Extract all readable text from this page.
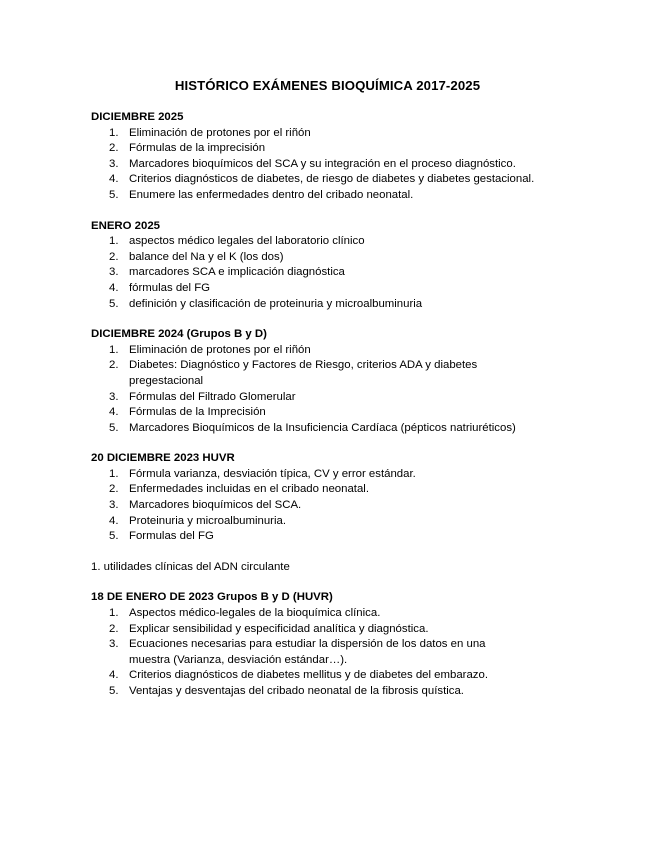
HISTÓRICO EXÁMENES BIOQUÍMICA 2017-2025

DICIEMBRE 2025

1. Eliminación de protones por el riñón
2. Fórmulas de la imprecisión
3. Marcadores bioquímicos del SCA y su integración en el proceso diagnóstico.
4. Criterios diagnósticos de diabetes, de riesgo de diabetes y diabetes gestacional.
5. Enumere las enfermedades dentro del cribado neonatal.

ENERO 2025

1. aspectos médico legales del laboratorio clínico
2. balance del Na y el K (los dos)
3. marcadores SCA e implicación diagnóstica
4. fórmulas del FG
5. definición y clasificación de proteinuria y microalbuminuria

DICIEMBRE 2024 (Grupos B y D)

1. Eliminación de protones por el riñón
2. Diabetes: Diagnóstico y Factores de Riesgo, criterios ADA y diabetes pregestacional
3. Fórmulas del Filtrado Glomerular
4. Fórmulas de la Imprecisión
5. Marcadores Bioquímicos de la Insuficiencia Cardíaca (pépticos natriuréticos)

20 DICIEMBRE 2023 HUVR

1. Fórmula varianza, desviación típica, CV y error estándar.
2. Enfermedades incluidas en el cribado neonatal.
3. Marcadores bioquímicos del SCA.
4. Proteinuria y microalbuminuria.
5. Formulas del FG

1. utilidades clínicas del ADN circulante

18 DE ENERO DE 2023 Grupos B y D (HUVR)

1. Aspectos médico-legales de la bioquímica clínica.
2. Explicar sensibilidad y especificidad analítica y diagnóstica.
3. Ecuaciones necesarias para estudiar la dispersión de los datos en una muestra (Varianza, desviación estándar…).
4. Criterios diagnósticos de diabetes mellitus y de diabetes del embarazo.
5. Ventajas y desventajas del cribado neonatal de la fibrosis quística.
